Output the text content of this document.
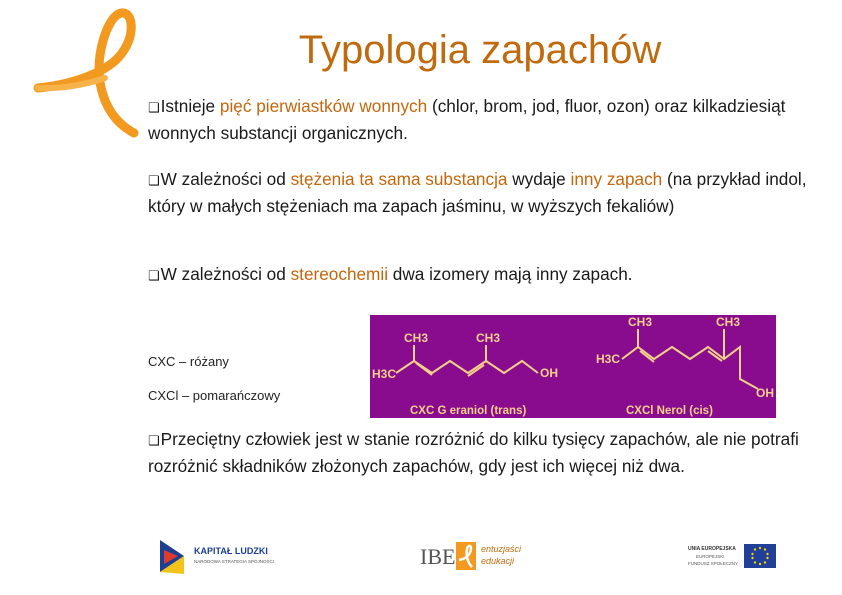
Typologia zapachów
❑Istnieje pięć pierwiastków wonnych (chlor, brom, jod, fluor, ozon) oraz kilkadziesiąt wonnych substancji organicznych.
❑W zależności od stężenia ta sama substancja wydaje inny zapach (na przykład indol, który w małych stężeniach ma zapach jaśminu, w wyższych fekaliów)
❑W zależności od stereochemii dwa izomery mają inny zapach.
CXC – różany
CXCl – pomarańczowy
CH3	CH3
H3C	OH
CH3	CH3
H3C
OH
CXC G eraniol (trans)	CXCl Nerol (cis)
❑Przeciętny człowiek jest w stanie rozróżnić do kilku tysięcy zapachów, ale nie potrafi rozróżnić składników złożonych zapachów, gdy jest ich więcej niż dwa.
KAPITAŁ LUDZKI
NARODOWA STRATEGIA SPÓJNOŚCI	IBE	entuzjaści
edukacji
UNIA EUROPEJSKA
EUROPEJSKI
FUNDUSZ SPOŁECZNY
